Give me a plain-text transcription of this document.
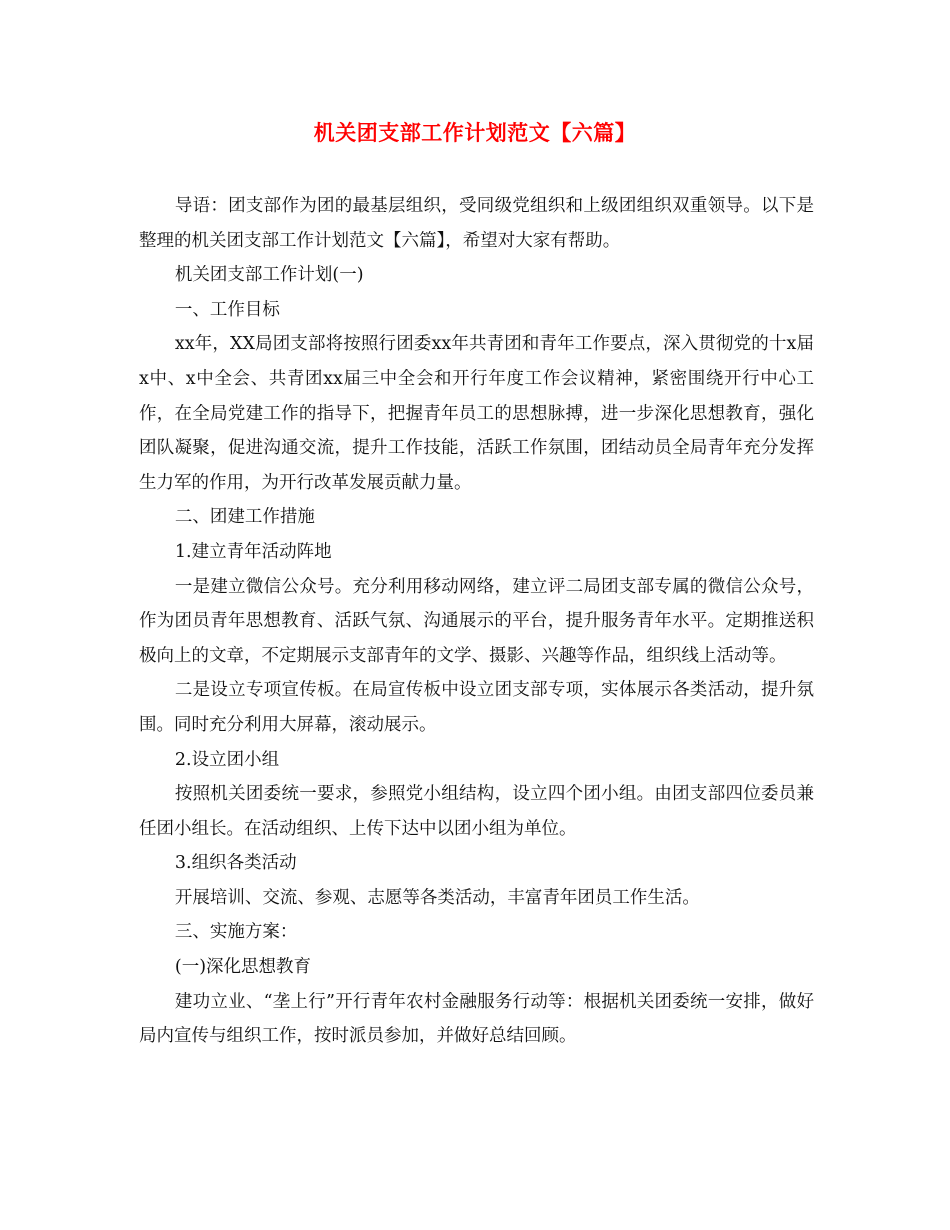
机关团支部工作计划范文【六篇】

导语：团支部作为团的最基层组织，受同级党组织和上级团组织双重领导。以下是整理的机关团支部工作计划范文【六篇】，希望对大家有帮助。

机关团支部工作计划(一)

一、工作目标

xx年，XX局团支部将按照行团委xx年共青团和青年工作要点，深入贯彻党的十x届x中、x中全会、共青团xx届三中全会和开行年度工作会议精神，紧密围绕开行中心工作，在全局党建工作的指导下，把握青年员工的思想脉搏，进一步深化思想教育，强化团队凝聚，促进沟通交流，提升工作技能，活跃工作氛围，团结动员全局青年充分发挥生力军的作用，为开行改革发展贡献力量。

二、团建工作措施

1.建立青年活动阵地

一是建立微信公众号。充分利用移动网络，建立评二局团支部专属的微信公众号，作为团员青年思想教育、活跃气氛、沟通展示的平台，提升服务青年水平。定期推送积极向上的文章，不定期展示支部青年的文学、摄影、兴趣等作品，组织线上活动等。

二是设立专项宣传板。在局宣传板中设立团支部专项，实体展示各类活动，提升氛围。同时充分利用大屏幕，滚动展示。

2.设立团小组

按照机关团委统一要求，参照党小组结构，设立四个团小组。由团支部四位委员兼任团小组长。在活动组织、上传下达中以团小组为单位。

3.组织各类活动

开展培训、交流、参观、志愿等各类活动，丰富青年团员工作生活。

三、实施方案：

(一)深化思想教育

建功立业、“垄上行”开行青年农村金融服务行动等：根据机关团委统一安排，做好局内宣传与组织工作，按时派员参加，并做好总结回顾。
